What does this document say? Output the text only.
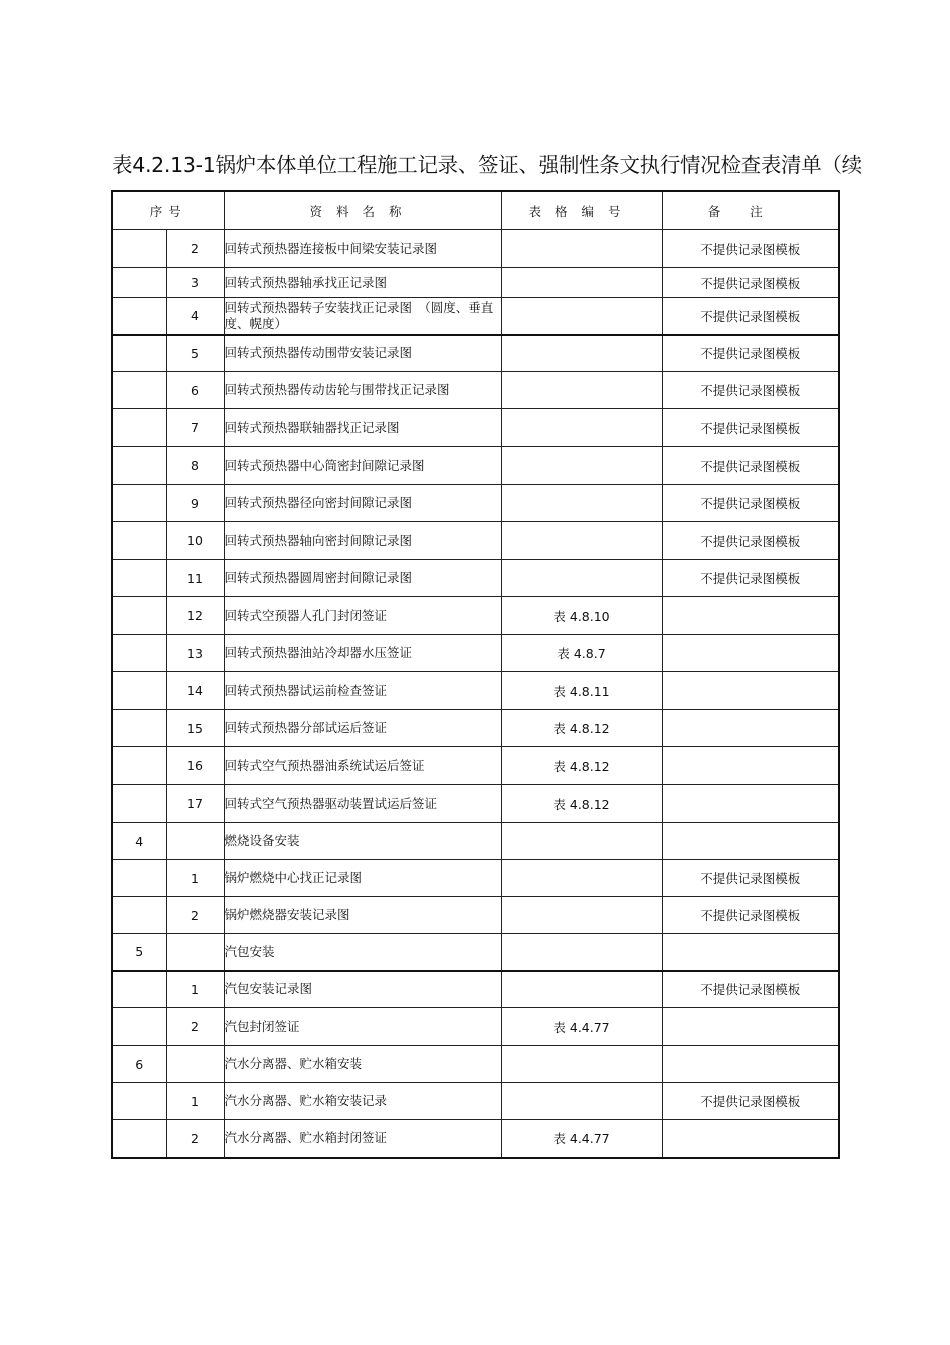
表4.2.13-1锅炉本体单位工程施工记录、签证、强制性条文执行情况检查表清单（续
序号		资料名称	表格编号	备注
	2	回转式预热器连接板中间梁安装记录图		不提供记录图模板
	3	回转式预热器轴承找正记录图		不提供记录图模板
	4	回转式预热器转子安装找正记录图　（圆度、垂直度、幌度）		不提供记录图模板
	5	回转式预热器传动围带安装记录图		不提供记录图模板
	6	回转式预热器传动齿轮与围带找正记录图		不提供记录图模板
	7	回转式预热器联轴器找正记录图		不提供记录图模板
	8	回转式预热器中心筒密封间隙记录图		不提供记录图模板
	9	回转式预热器径向密封间隙记录图		不提供记录图模板
	10	回转式预热器轴向密封间隙记录图		不提供记录图模板
	11	回转式预热器圆周密封间隙记录图		不提供记录图模板
	12	回转式空预器人孔门封闭签证	表 4.8.10	
	13	回转式预热器油站冷却器水压签证	表 4.8.7	
	14	回转式预热器试运前检查签证	表 4.8.11	
	15	回转式预热器分部试运后签证	表 4.8.12	
	16	回转式空气预热器油系统试运后签证	表 4.8.12	
	17	回转式空气预热器驱动装置试运后签证	表 4.8.12	
4		燃烧设备安装		
	1	锅炉燃烧中心找正记录图		不提供记录图模板
	2	锅炉燃烧器安装记录图		不提供记录图模板
5		汽包安装		
	1	汽包安装记录图		不提供记录图模板
	2	汽包封闭签证	表 4.4.77	
6		汽水分离器、贮水箱安装		
	1	汽水分离器、贮水箱安装记录		不提供记录图模板
	2	汽水分离器、贮水箱封闭签证	表 4.4.77	
